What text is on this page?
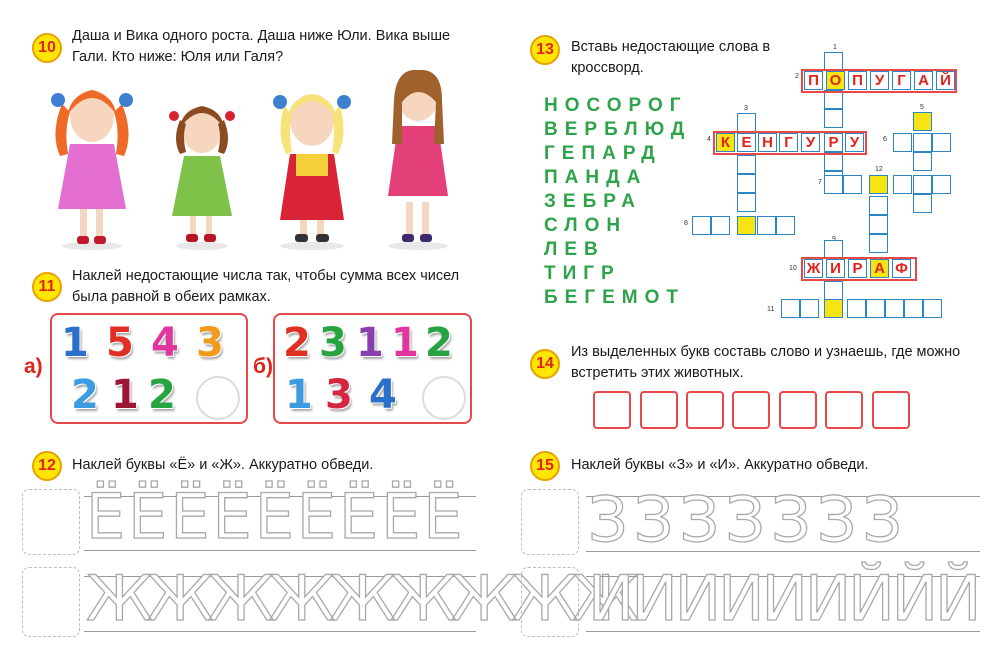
10
Даша и Вика одного роста. Даша ниже Юли. Вика выше Гали. Кто ниже: Юля или Галя?
11
Наклей недостающие числа так, чтобы сумма всех чисел была равной в обеих рамках.
а)
1 5 4 3
2 1 2
б)
2 3 1 1 2
1 3 4
12	Наклей буквы «Ё» и «Ж». Аккуратно обведи.
ЁЁЁЁЁЁЁЁЁ
ЖЖЖЖЖЖЖЖЖ
13	Вставь недостающие слова в кроссворд.
НОСОРОГ
ВЕРБЛЮД
ГЕПАРД
ПАНДА
ЗЕБРА
СЛОН
ЛЕВ
ТИГР
БЕГЕМОТ
1
2
3
4
5
6
7
8
10
11
12
П О П У Г А Й
К Е Н Г У Р У
Ж И Р А Ф
14
Из выделенных букв составь слово и узнаешь, где можно встретить этих животных.
15	Наклей буквы «З» и «И». Аккуратно обведи.
ЗЗЗЗЗЗЗ
ИИИИИИЙЙЙ
